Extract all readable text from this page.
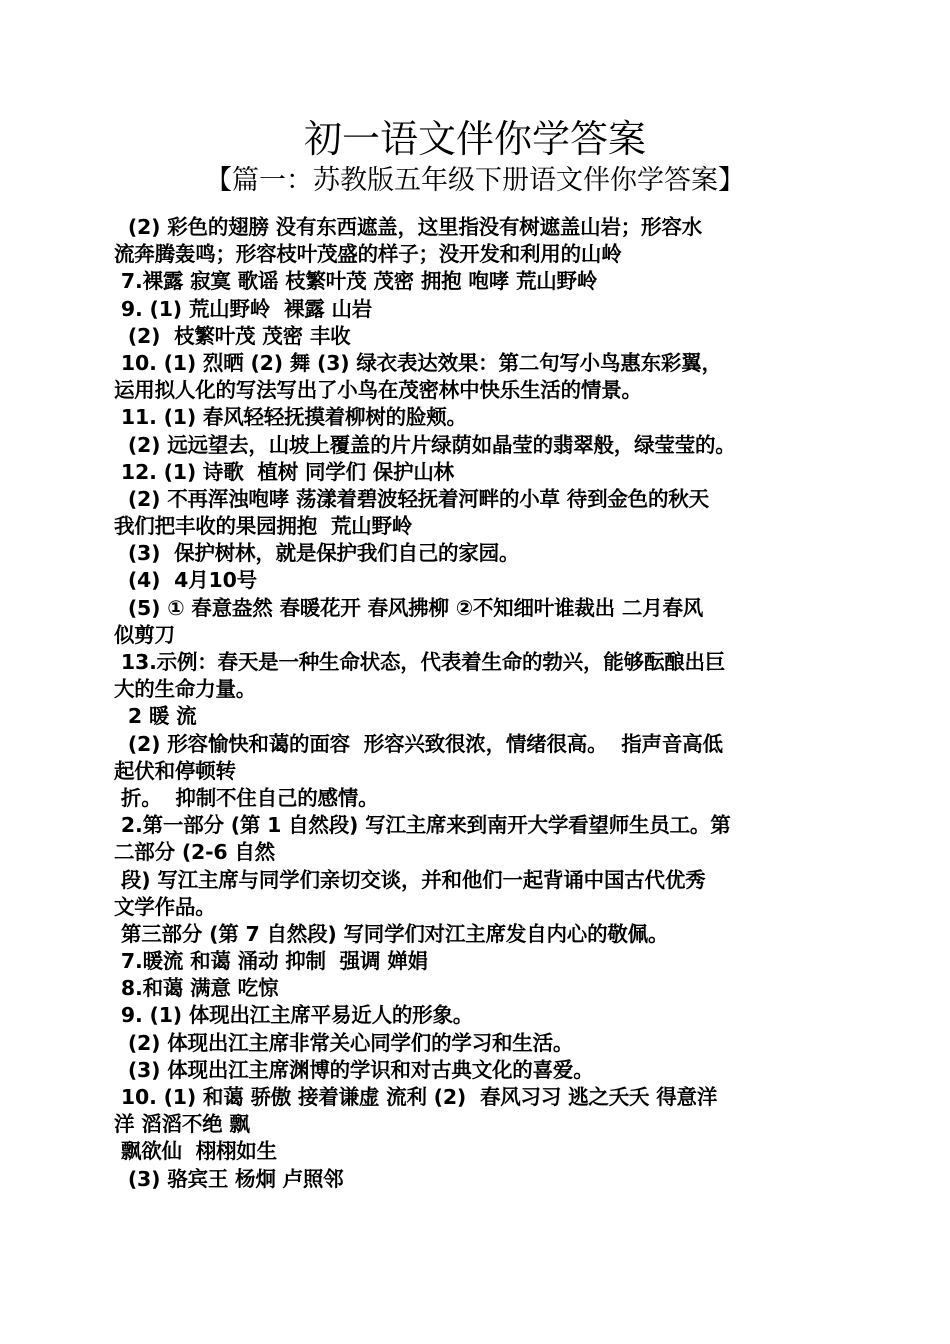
初一语文伴你学答案
【篇一：苏教版五年级下册语文伴你学答案】
(2) 彩色的翅膀 没有东西遮盖，这里指没有树遮盖山岩；形容水
流奔腾轰鸣；形容枝叶茂盛的样子；没开发和利用的山岭
7.裸露 寂寞 歌谣 枝繁叶茂 茂密 拥抱 咆哮 荒山野岭
9. (1) 荒山野岭  裸露 山岩
(2)  枝繁叶茂 茂密 丰收
10. (1) 烈晒 (2) 舞 (3) 绿衣表达效果：第二句写小鸟惠东彩翼，
运用拟人化的写法写出了小鸟在茂密林中快乐生活的情景。
11. (1) 春风轻轻抚摸着柳树的脸颊。
(2) 远远望去，山坡上覆盖的片片绿荫如晶莹的翡翠般，绿莹莹的。
12. (1) 诗歌  植树 同学们 保护山林
(2) 不再浑浊咆哮 荡漾着碧波轻抚着河畔的小草 待到金色的秋天
我们把丰收的果园拥抱  荒山野岭
(3)  保护树林，就是保护我们自己的家园。
(4)  4月10号
(5) ① 春意盎然 春暖花开 春风拂柳 ②不知细叶谁裁出 二月春风
似剪刀
13.示例：春天是一种生命状态，代表着生命的勃兴，能够酝酿出巨
大的生命力量。
2 暖 流
(2) 形容愉快和蔼的面容  形容兴致很浓，情绪很高。  指声音高低
起伏和停顿转
折。  抑制不住自己的感情。
2.第一部分 (第 1 自然段) 写江主席来到南开大学看望师生员工。第
二部分 (2-6 自然
段) 写江主席与同学们亲切交谈，并和他们一起背诵中国古代优秀
文学作品。
第三部分 (第 7 自然段) 写同学们对江主席发自内心的敬佩。
7.暖流 和蔼 涌动 抑制  强调 婵娟
8.和蔼 满意 吃惊
9. (1) 体现出江主席平易近人的形象。
(2) 体现出江主席非常关心同学们的学习和生活。
(3) 体现出江主席渊博的学识和对古典文化的喜爱。
10. (1) 和蔼 骄傲 接着谦虚 流利 (2)  春风习习 逃之夭夭 得意洋
洋 滔滔不绝 飘
飘欲仙  栩栩如生
(3) 骆宾王 杨炯 卢照邻
